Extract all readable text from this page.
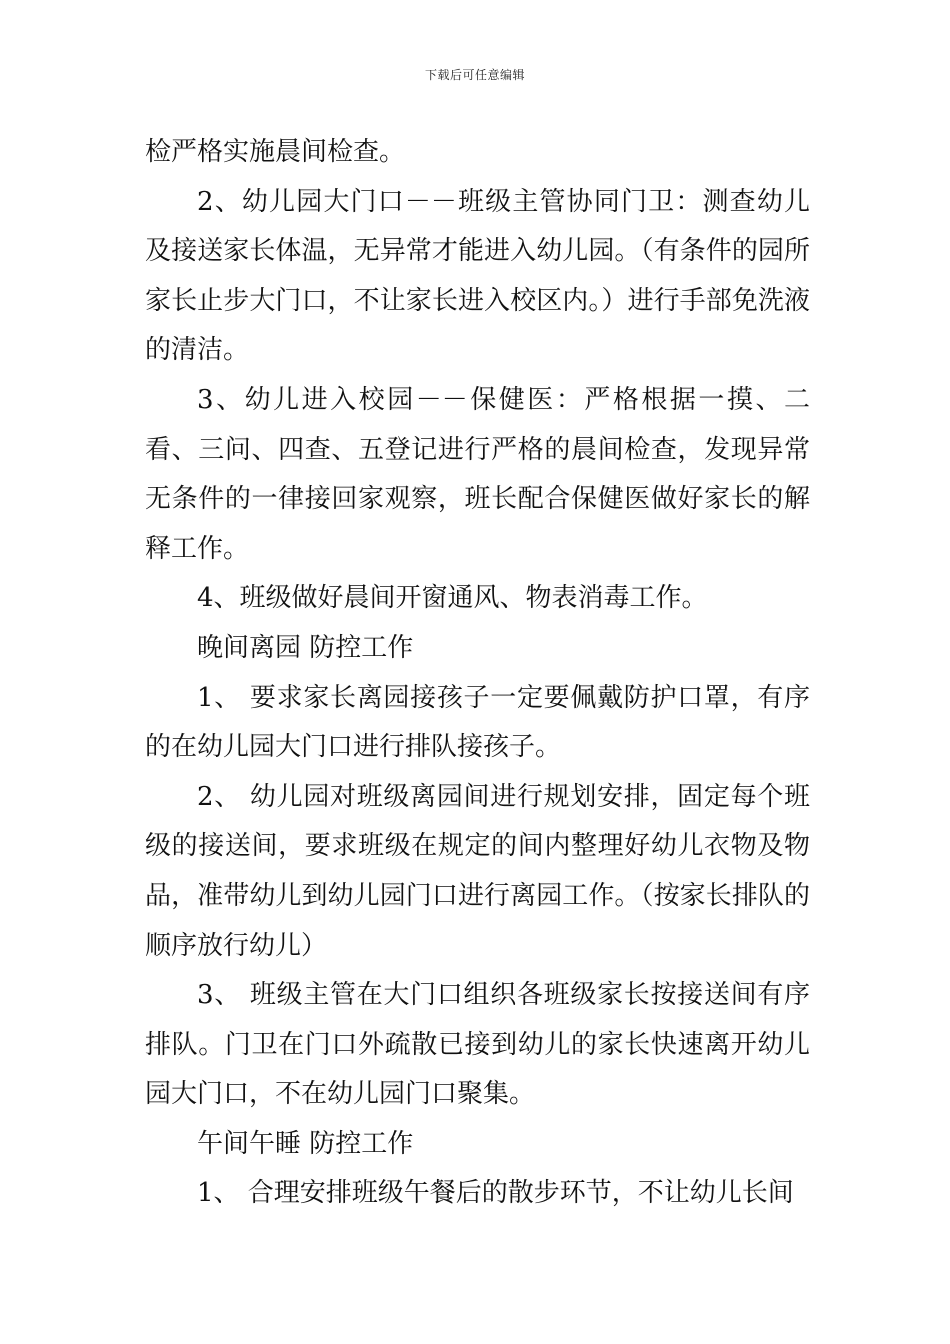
下载后可任意编辑

检严格实施晨间检查。

2、幼儿园大门口－－班级主管协同门卫：测查幼儿及接送家长体温，无异常才能进入幼儿园。（有条件的园所家长止步大门口，不让家长进入校区内。）进行手部免洗液的清洁。

3、幼儿进入校园－－保健医：严格根据一摸、二看、三问、四查、五登记进行严格的晨间检查，发现异常无条件的一律接回家观察，班长配合保健医做好家长的解释工作。

4、班级做好晨间开窗通风、物表消毒工作。

晚间离园 防控工作

1、 要求家长离园接孩子一定要佩戴防护口罩，有序的在幼儿园大门口进行排队接孩子。

2、 幼儿园对班级离园间进行规划安排，固定每个班级的接送间，要求班级在规定的间内整理好幼儿衣物及物品，准带幼儿到幼儿园门口进行离园工作。（按家长排队的顺序放行幼儿）

3、 班级主管在大门口组织各班级家长按接送间有序排队。门卫在门口外疏散已接到幼儿的家长快速离开幼儿园大门口，不在幼儿园门口聚集。

午间午睡 防控工作

1、 合理安排班级午餐后的散步环节，不让幼儿长间
